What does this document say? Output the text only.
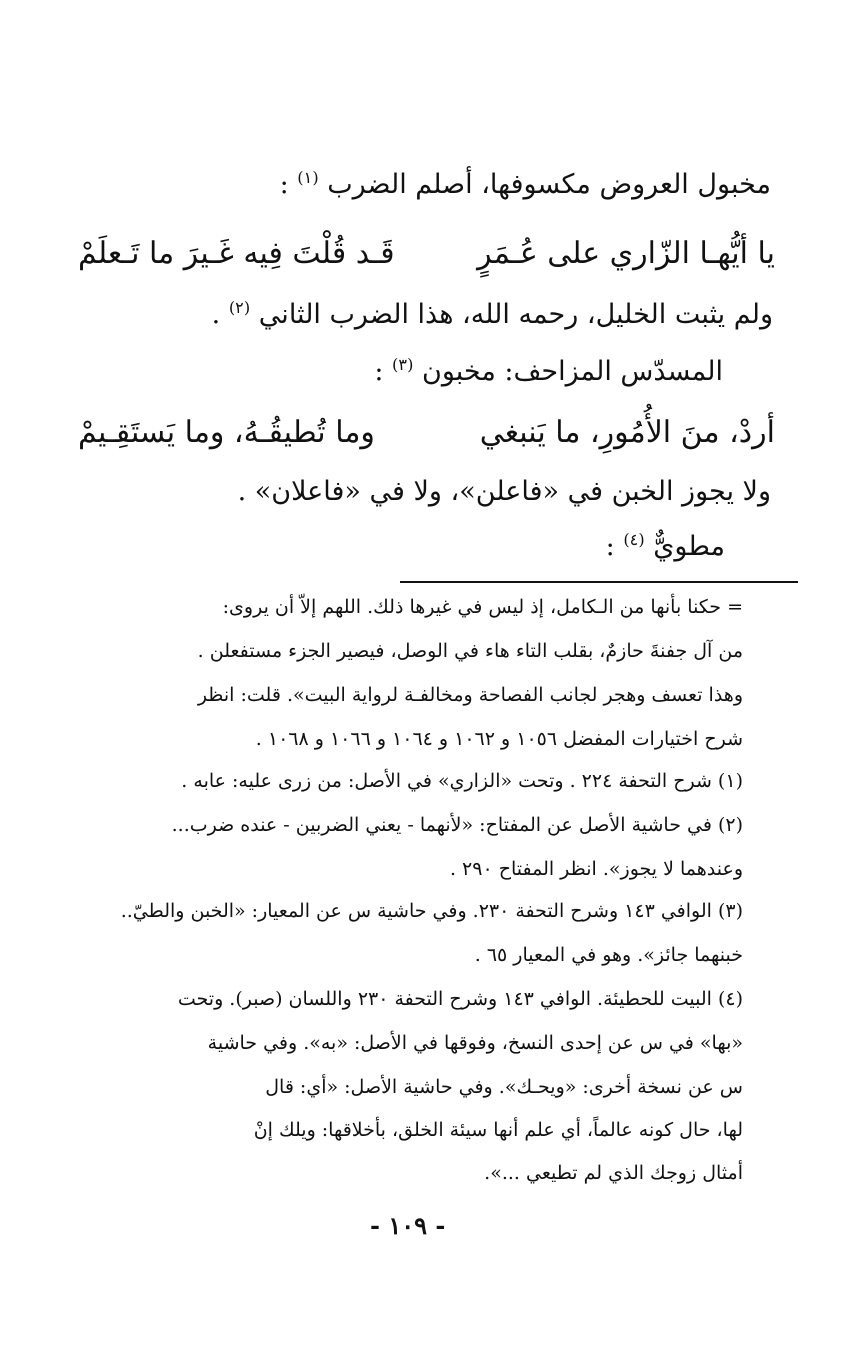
مخبول العروض مكسوفها، أصلم الضرب $^{(١)}$ :
يا أيُّهـا الزّاري على عُـمَرٍ
قَـد قُلْتَ فِيه غَـيرَ ما تَـعلَمْ
ولم يثبت الخليل، رحمه الله، هذا الضرب الثاني $^{(٢)}$ .
المسدّس المزاحف: مخبون $^{(٣)}$ :
أردْ، منَ الأُمُورِ، ما يَنبغي
وما تُطيقُـهُ، وما يَستَقِـيمْ
ولا يجوز الخبن في «فاعلن»، ولا في «فاعلان» .
مطويٌّ $^{(٤)}$ :
= حكنا بأنها من الـكامل، إذ ليس في غيرها ذلك. اللهم إلاّ أن يروى:
من آل جفنةَ حازمٌ، بقلب التاء هاء في الوصل، فيصير الجزء مستفعلن .
وهذا تعسف وهجر لجانب الفصاحة ومخالفـة لرواية البيت». قلت: انظر
شرح اختيارات المفضل ١٠٥٦ و ١٠٦٢ و ١٠٦٤ و ١٠٦٦ و ١٠٦٨ .
(١) شرح التحفة ٢٢٤ . وتحت «الزاري» في الأصل: من زرى عليه: عابه .
(٢) في حاشية الأصل عن المفتاح: «لأنهما - يعني الضربين - عنده ضرب...
وعندهما لا يجوز». انظر المفتاح ٢٩٠ .
(٣) الوافي ١٤٣ وشرح التحفة ٢٣٠. وفي حاشية س عن المعيار: «الخبن والطيّ..
خبنهما جائز». وهو في المعيار ٦٥ .
(٤) البيت للحطيئة. الوافي ١٤٣ وشرح التحفة ٢٣٠ واللسان (صبر). وتحت
«بها» في س عن إحدى النسخ، وفوقها في الأصل: «به». وفي حاشية
س عن نسخة أخرى: «ويحـك». وفي حاشية الأصل: «أي: قال
لها، حال كونه عالماً، أي علم أنها سيئة الخلق، بأخلاقها: ويلك إنْ
أمثال زوجك الذي لم تطيعي ...».
- ١٠٩ -
